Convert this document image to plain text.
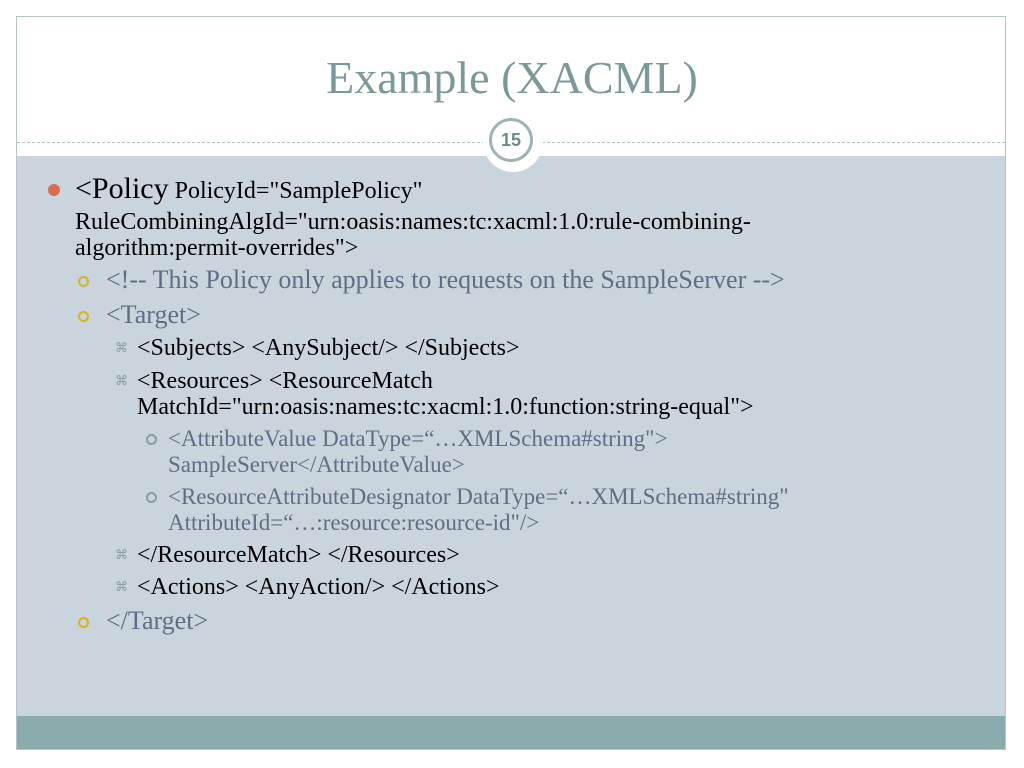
Example (XACML)
15
<Policy PolicyId="SamplePolicy"
RuleCombiningAlgId="urn:oasis:names:tc:xacml:1.0:rule-combining-
algorithm:permit-overrides">
<!-- This Policy only applies to requests on the SampleServer -->
<Target>
⌘ <Subjects> <AnySubject/> </Subjects>
⌘ <Resources> <ResourceMatch
MatchId="urn:oasis:names:tc:xacml:1.0:function:string-equal">
<AttributeValue DataType=“…XMLSchema#string">
SampleServer</AttributeValue>
<ResourceAttributeDesignator DataType=“…XMLSchema#string"
AttributeId=“…:resource:resource-id"/>
⌘ </ResourceMatch> </Resources>
⌘ <Actions> <AnyAction/> </Actions>
</Target>
